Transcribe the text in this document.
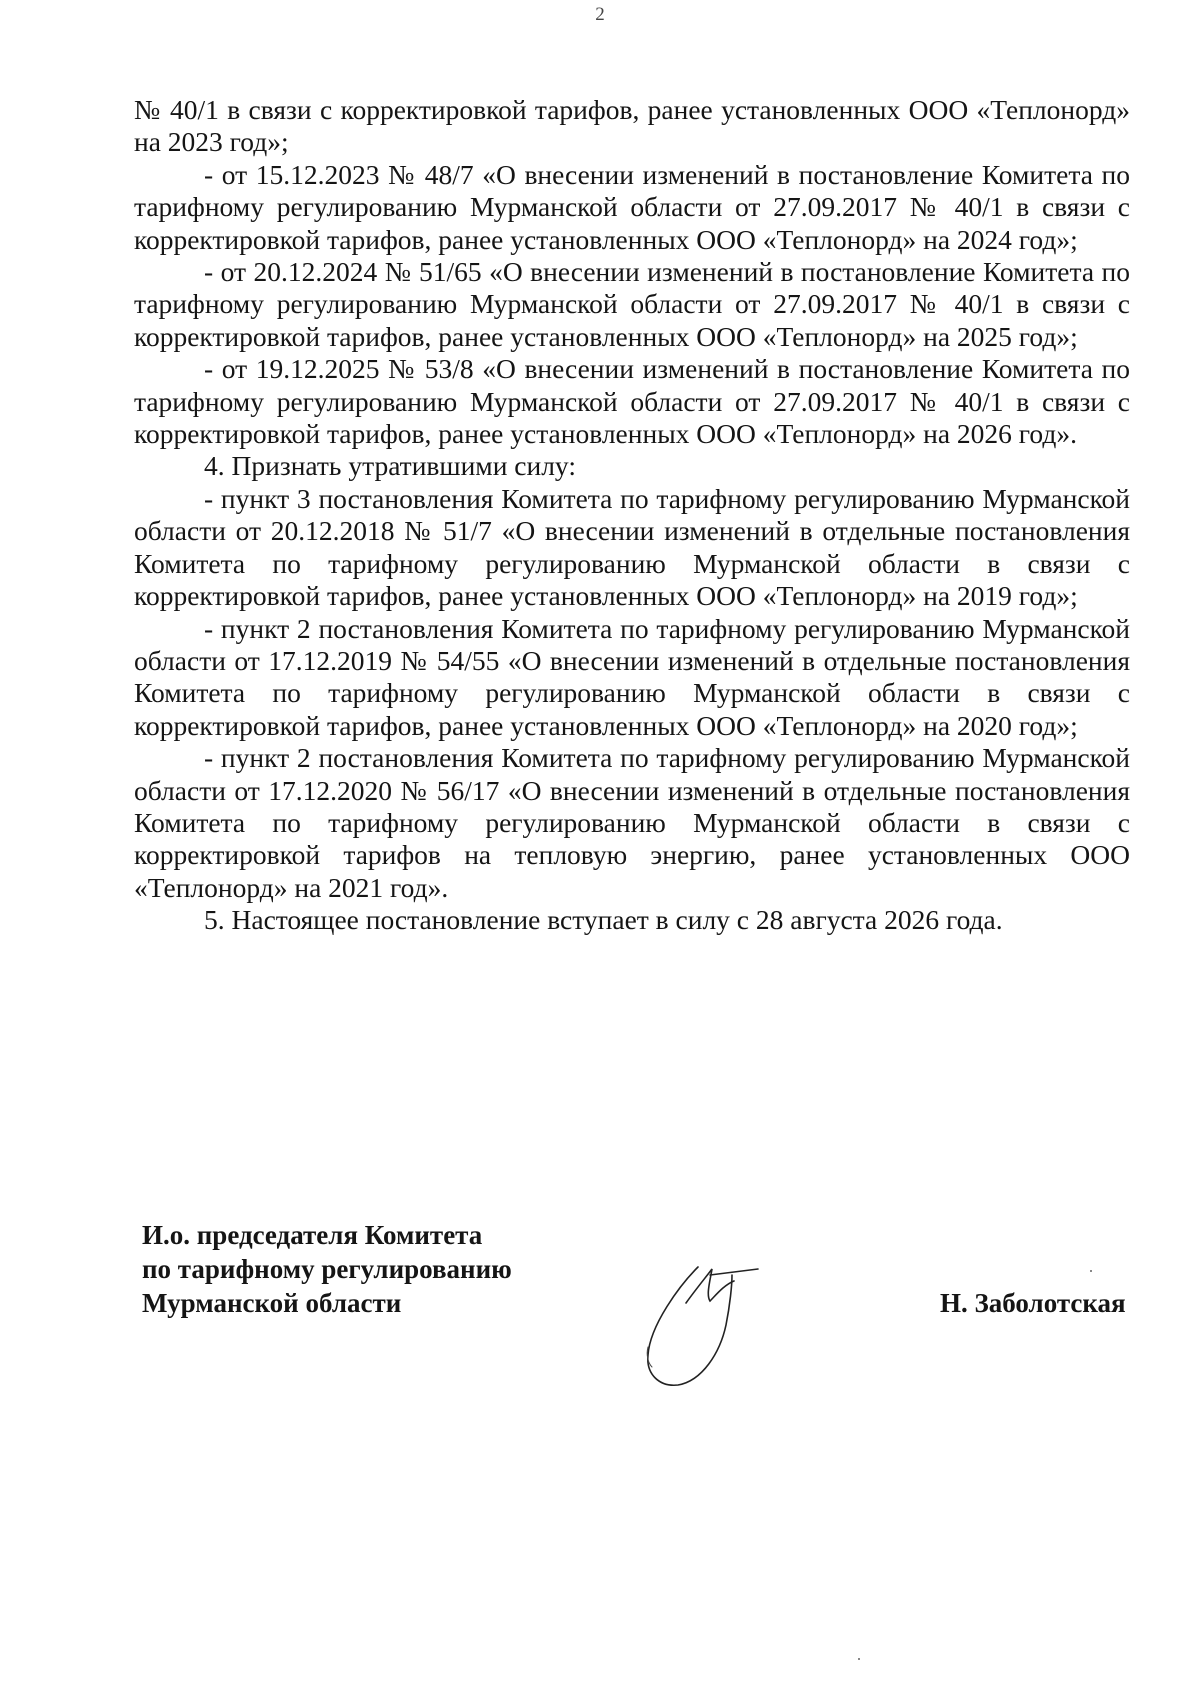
2

№ 40/1 в связи с корректировкой тарифов, ранее установленных ООО «Теплонорд» на 2023 год»;

- от 15.12.2023 № 48/7 «О внесении изменений в постановление Комитета по тарифному регулированию Мурманской области от 27.09.2017 № 40/1 в связи с корректировкой тарифов, ранее установленных ООО «Теплонорд» на 2024 год»;

- от 20.12.2024 № 51/65 «О внесении изменений в постановление Комитета по тарифному регулированию Мурманской области от 27.09.2017 № 40/1 в связи с корректировкой тарифов, ранее установленных ООО «Теплонорд» на 2025 год»;

- от 19.12.2025 № 53/8 «О внесении изменений в постановление Комитета по тарифному регулированию Мурманской области от 27.09.2017 № 40/1 в связи с корректировкой тарифов, ранее установленных ООО «Теплонорд» на 2026 год».

4. Признать утратившими силу:

- пункт 3 постановления Комитета по тарифному регулированию Мурманской области от 20.12.2018 № 51/7 «О внесении изменений в отдельные постановления Комитета по тарифному регулированию Мурманской области в связи с корректировкой тарифов, ранее установленных ООО «Теплонорд» на 2019 год»;

- пункт 2 постановления Комитета по тарифному регулированию Мурманской области от 17.12.2019 № 54/55 «О внесении изменений в отдельные постановления Комитета по тарифному регулированию Мурманской области в связи с корректировкой тарифов, ранее установленных ООО «Теплонорд» на 2020 год»;

- пункт 2 постановления Комитета по тарифному регулированию Мурманской области от 17.12.2020 № 56/17 «О внесении изменений в отдельные постановления Комитета по тарифному регулированию Мурманской области в связи с корректировкой тарифов на тепловую энергию, ранее установленных ООО «Теплонорд» на 2021 год».

5. Настоящее постановление вступает в силу с 28 августа 2026 года.

И.о. председателя Комитета
по тарифному регулированию
Мурманской области	Н. Заболотская
